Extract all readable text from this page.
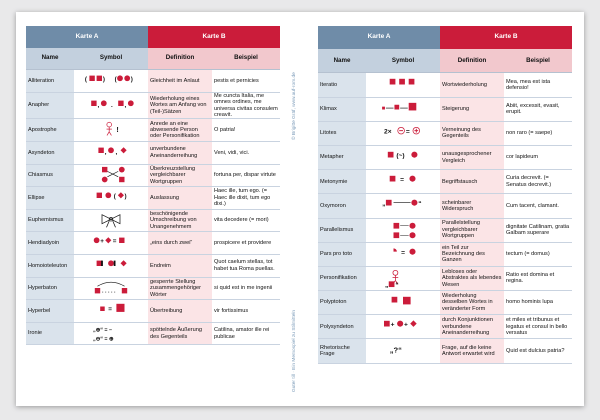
Karte A		Karte B	
Name	Symbol	Definition	Beispiel
Alliteration	( ) ( )	Gleichheit im Anlaut	pestis et pernicies
Anapher	, . ,	Wiederholung eines Wortes am Anfang von (Teil-)Sätzen	Me cuncta Italia, me omnes ordines, me universa civitas consulem creavit.
Apostrophe	!	Anrede an eine abwesende Person oder Personifikation	O patria!
Asyndeton	, ,	unverbundene Aneinanderreihung	Veni, vidi, vici.
Chiasmus		Überkreuzstellung vergleichbarer Wortgruppen	fortuna per, dispar virtute
Ellipse	( )	Auslassung	Haec ille, tum ego. (= Haec ille dixit, tum ego dixi.)
Euphemismus		beschönigende Umschreibung von Unangenehmem	vita decedere (= mori)
Hendiadyoin	+ =	„eins durch zwei“	prospicere et providere
Homoioteleuton		Endreim	Quot caelum stellas, tot habet tua Roma puellas.
Hyperbaton	. . . . .	gesperrte Stellung zusammengehöriger Wörter	si quid est in me ingenii
Hyperbel	=	Übertreibung	vir fortissimus
Ironie	„⊕“ = –
„⊖“ = ⊕	spöttelnde Äußerung des Gegenteils	Catilina, amator ille rei publicae
Karte A		Karte B	
Name	Symbol	Definition	Beispiel
Iteratio		Wortwiederholung	Mea, mea est ista defensio!
Klimax		Steigerung	Abiit, excessit, evasit, erupit.
Litotes	2× =	Verneinung des Gegenteils	non raro (= saepe)
Metapher	(~)	unausgesprochener Vergleich	cor lapideum
Metonymie	=	Begriffstausch	Curia decrevit. (= Senatus decrevit.)
Oxymoron	„ “	scheinbarer Widerspruch	Cum tacent, clamant.
Parallelismus		Parallelstellung vergleichbarer Wortgruppen	dignitate Catilinam, gratia Galbam superare
Pars pro toto	=	ein Teil zur Bezeichnung des Ganzen	tectum (= domus)
Personifikation	„ “	Lebloses oder Abstraktes als lebendes Wesen	Ratio est domina et regina.
Polyptoton		Wiederholung desselben Wortes in veränderter Form	homo hominis lupa
Polysyndeton	+ +	durch Konjunktionen verbundene Aneinanderreihung	et miles et tribunus et legatus et consul in bello versatus
Rhetorische Frage	„?“	Frage, auf die keine Antwort erwartet wird	Quid est dulcius patria?
© Brigitte Gräf, www.auf-rom.de
Guter till · Ein Memospiel zu Stilmitteln
